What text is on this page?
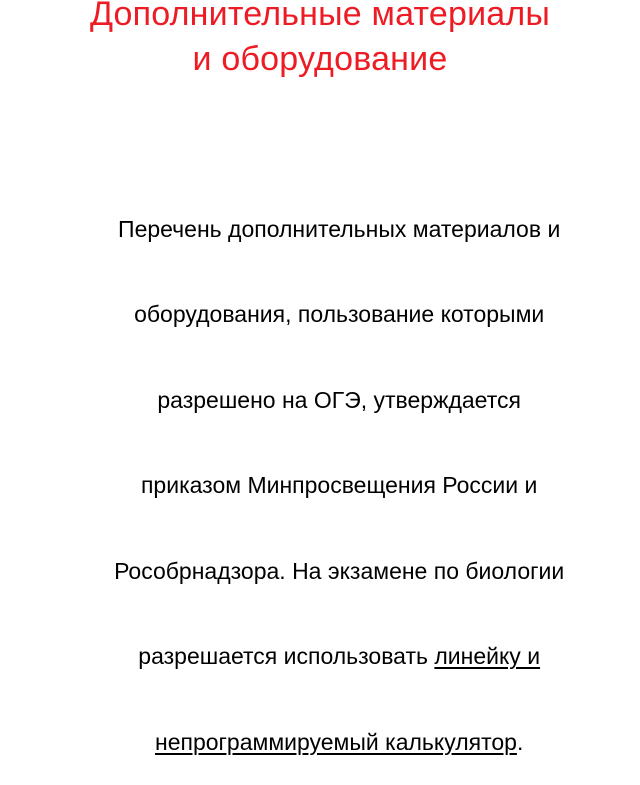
Дополнительные материалы
и оборудование

Перечень дополнительных материалов и

оборудования, пользование которыми

разрешено на ОГЭ, утверждается

приказом Минпросвещения России и

Рособрнадзора. На экзамене по биологии

разрешается использовать линейку и

непрограммируемый калькулятор.
